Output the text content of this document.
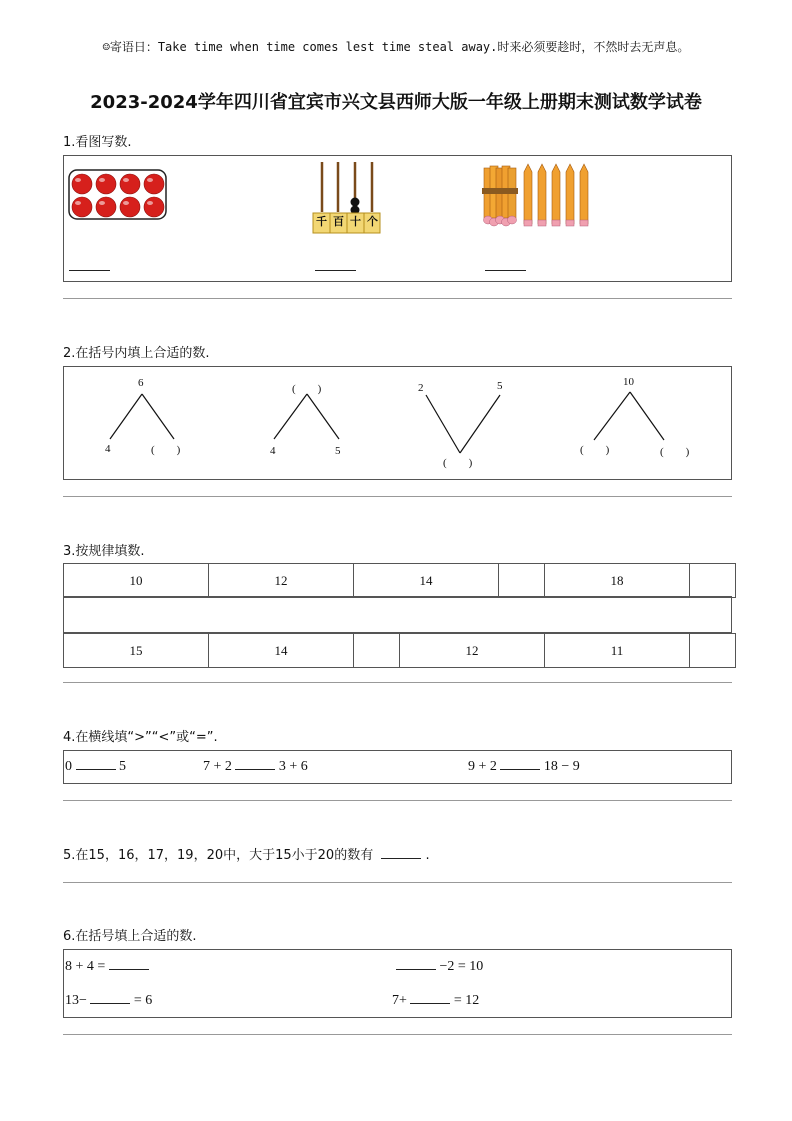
☺寄语日：Take time when time comes lest time steal away.时来必须要趁时，不然时去无声息。
2023-2024学年四川省宜宾市兴文县西师大版一年级上册期末测试数学试卷
1.看图写数.
千 百 十 个
2.在括号内填上合适的数.
6
4	(　　)
(　　)
4	5
2	5
(　　)
10
(　　)	(　　)
3.按规律填数.
10	12	14		18	
15	14		12	11	
4.在横线填“>”“<”或“=”.
0	5	7 + 2	3 + 6	9 + 2	18 − 9
5.在15，16，17，19，20中，大于15小于20的数有	.
6.在括号填上合适的数.
8 + 4 =	−2 = 10
13−	= 6	7+	= 12
